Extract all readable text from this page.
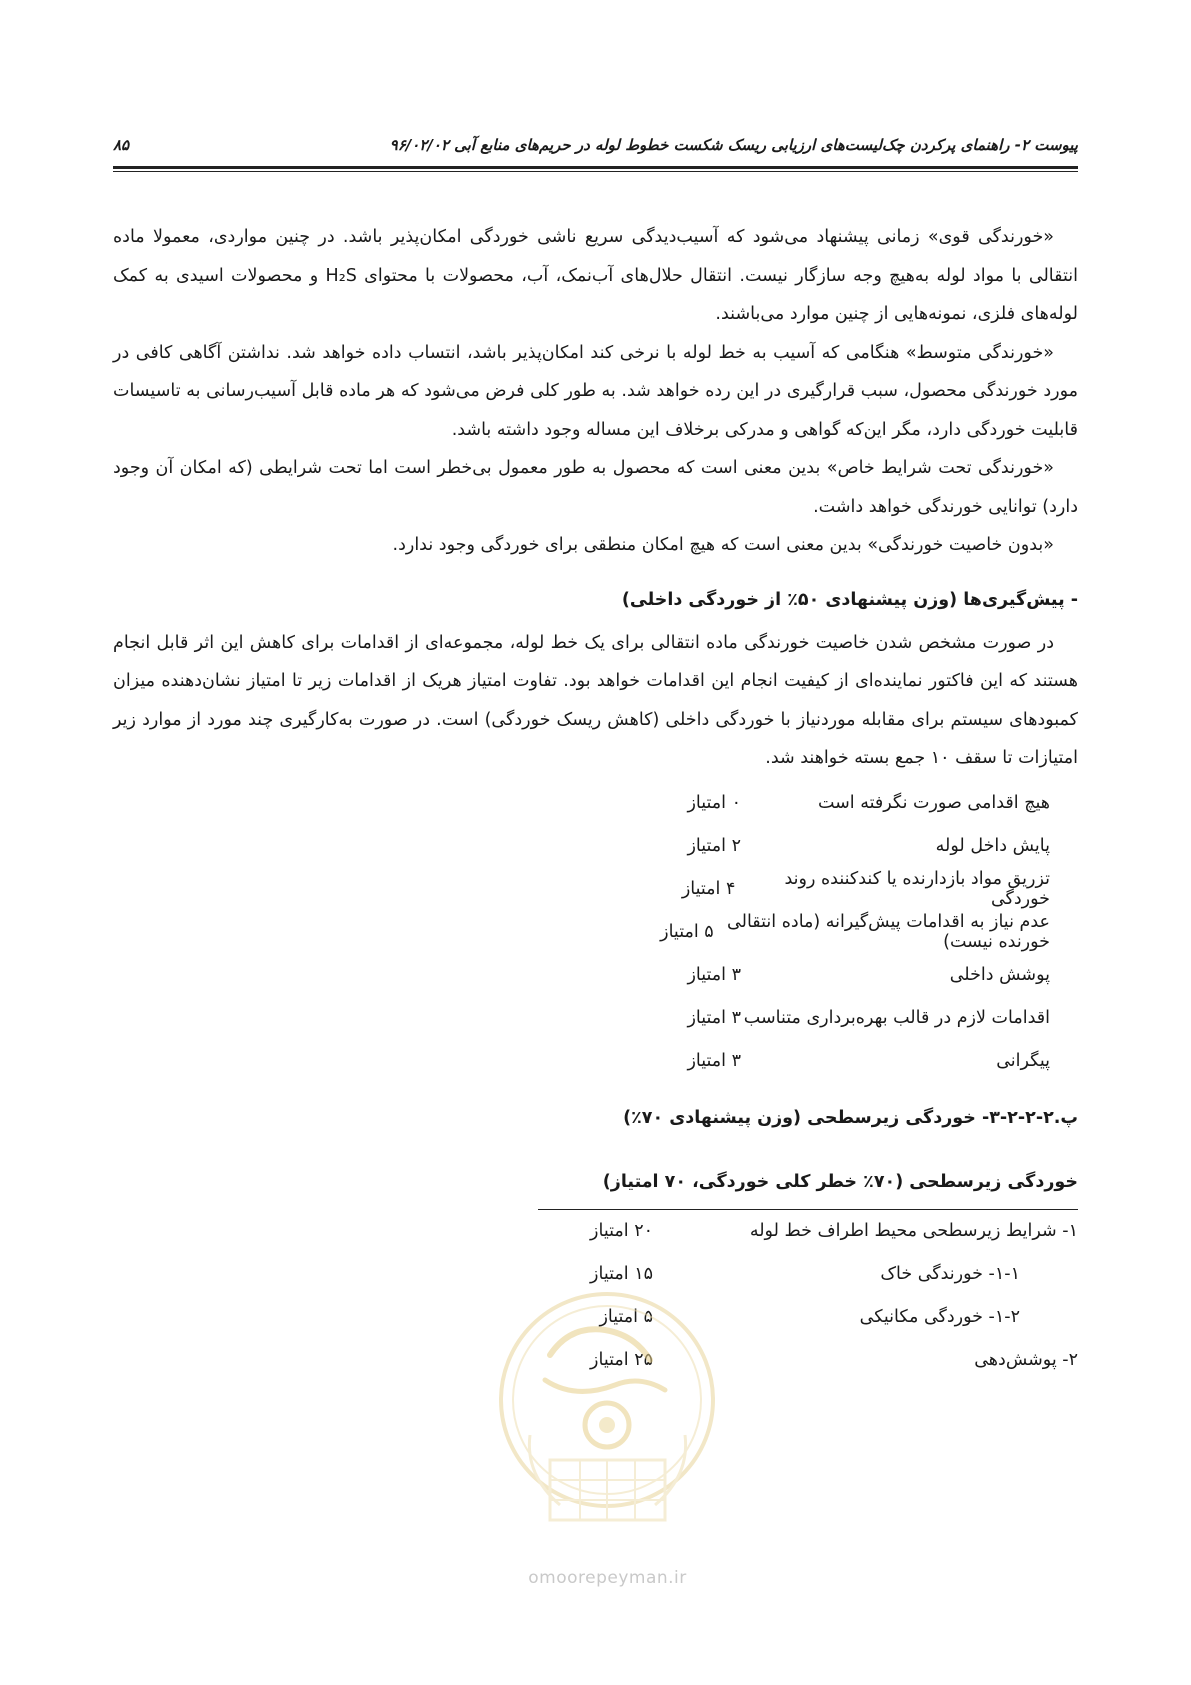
پیوست ۲- راهنمای پرکردن چک‌لیست‌های ارزیابی ریسک شکست خطوط لوله در حریم‌های منابع آبی ۹۶/۰۲/۰۲
۸۵

«خورندگی قوی» زمانی پیشنهاد می‌شود که آسیب‌دیدگی سریع ناشی خوردگی امکان‌پذیر باشد. در چنین مواردی، معمولا ماده انتقالی با مواد لوله به‌هیچ وجه سازگار نیست. انتقال حلال‌های آب‌نمک، آب، محصولات با محتوای H₂S و محصولات اسیدی به کمک لوله‌های فلزی، نمونه‌هایی از چنین موارد می‌باشند.

«خورندگی متوسط» هنگامی که آسیب به خط لوله با نرخی کند امکان‌پذیر باشد، انتساب داده خواهد شد. نداشتن آگاهی کافی در مورد خورندگی محصول، سبب قرارگیری در این رده خواهد شد. به طور کلی فرض می‌شود که هر ماده قابل آسیب‌رسانی به تاسیسات قابلیت خوردگی دارد، مگر این‌که گواهی و مدرکی برخلاف این مساله وجود داشته باشد.

«خورندگی تحت شرایط خاص» بدین معنی است که محصول به طور معمول بی‌خطر است اما تحت شرایطی (که امکان آن وجود دارد) توانایی خورندگی خواهد داشت.

«بدون خاصیت خورندگی» بدین معنی است که هیچ امکان منطقی برای خوردگی وجود ندارد.

- پیش‌گیری‌ها (وزن پیشنهادی ۵۰٪ از خوردگی داخلی)

در صورت مشخص شدن خاصیت خورندگی ماده انتقالی برای یک خط لوله، مجموعه‌ای از اقدامات برای کاهش این اثر قابل انجام هستند که این فاکتور نماینده‌ای از کیفیت انجام این اقدامات خواهد بود. تفاوت امتیاز هریک از اقدامات زیر تا امتیاز نشان‌دهنده میزان کمبودهای سیستم برای مقابله موردنیاز با خوردگی داخلی (کاهش ریسک خوردگی) است. در صورت به‌کارگیری چند مورد از موارد زیر امتیازات تا سقف ۱۰ جمع بسته خواهند شد.

هیچ اقدامی صورت نگرفته است
۰ امتیاز
پایش داخل لوله
۲ امتیاز
تزریق مواد بازدارنده یا کندکننده روند خوردگی
۴ امتیاز
عدم نیاز به اقدامات پیش‌گیرانه (ماده انتقالی خورنده نیست)
۵ امتیاز
پوشش داخلی
۳ امتیاز
اقدامات لازم در قالب بهره‌برداری متناسب
۳ امتیاز
پیگرانی
۳ امتیاز
پ.۲-۲-۲-۳- خوردگی زیرسطحی (وزن پیشنهادی ۷۰٪)
خوردگی زیرسطحی (۷۰٪ خطر کلی خوردگی، ۷۰ امتیاز)
۱- شرایط زیرسطحی محیط اطراف خط لوله
۲۰ امتیاز
۱-۱- خورندگی خاک
۱۵ امتیاز
۱-۲- خوردگی مکانیکی
۵ امتیاز
۲- پوشش‌دهی
۲۵ امتیاز
omoorepeyman.ir
